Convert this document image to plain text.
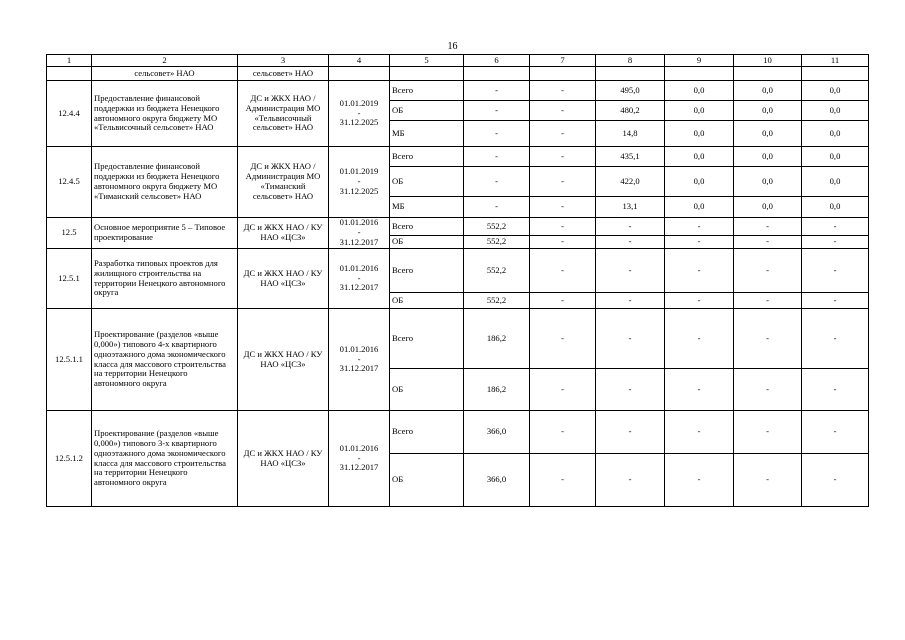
16
1	2	3	4	5	6	7	8	9	10	11
	сельсовет» НАО	сельсовет» НАО								
12.4.4	Предоставление финансовой поддержки из бюджета Ненецкого автономного округа бюджету МО «Тельвисочный сельсовет» НАО	ДС и ЖКХ НАО /Администрация МО «Тельвисочный сельсовет» НАО	01.01.2019
-
31.12.2025	Всего	-	-	495,0	0,0	0,0	0,0
				ОБ	-	-	480,2	0,0	0,0	0,0
				МБ	-	-	14,8	0,0	0,0	0,0
12.4.5	Предоставление финансовой поддержки из бюджета Ненецкого автономного округа бюджету МО «Тиманский сельсовет» НАО	ДС и ЖКХ НАО /Администрация МО «Тиманский сельсовет» НАО	01.01.2019
-
31.12.2025	Всего	-	-	435,1	0,0	0,0	0,0
				ОБ	-	-	422,0	0,0	0,0	0,0
				МБ	-	-	13,1	0,0	0,0	0,0
12.5	Основное мероприятие 5 – Типовое проектирование	ДС и ЖКХ НАО / КУ НАО «ЦСЗ»	01.01.2016
-
31.12.2017	Всего	552,2	-	-	-	-	-
				ОБ	552,2	-	-	-	-	-
12.5.1	Разработка типовых проектов для жилищного строительства на территории Ненецкого автономного округа	ДС и ЖКХ НАО / КУ НАО «ЦСЗ»	01.01.2016
-
31.12.2017	Всего	552,2	-	-	-	-	-
				ОБ	552,2	-	-	-	-	-
12.5.1.1	Проектирование (разделов «выше 0,000») типового 4-х квартирного одноэтажного дома экономического класса для массового строительства на территории Ненецкого автономного округа	ДС и ЖКХ НАО / КУ НАО «ЦСЗ»	01.01.2016
-
31.12.2017	Всего	186,2	-	-	-	-	-
				ОБ	186,2	-	-	-	-	-
12.5.1.2	Проектирование (разделов «выше 0,000») типового 3-х квартирного одноэтажного дома экономического класса для массового строительства на территории Ненецкого автономного округа	ДС и ЖКХ НАО / КУ НАО «ЦСЗ»	01.01.2016
-
31.12.2017	Всего	366,0	-	-	-	-	-
				ОБ	366,0	-	-	-	-	-
